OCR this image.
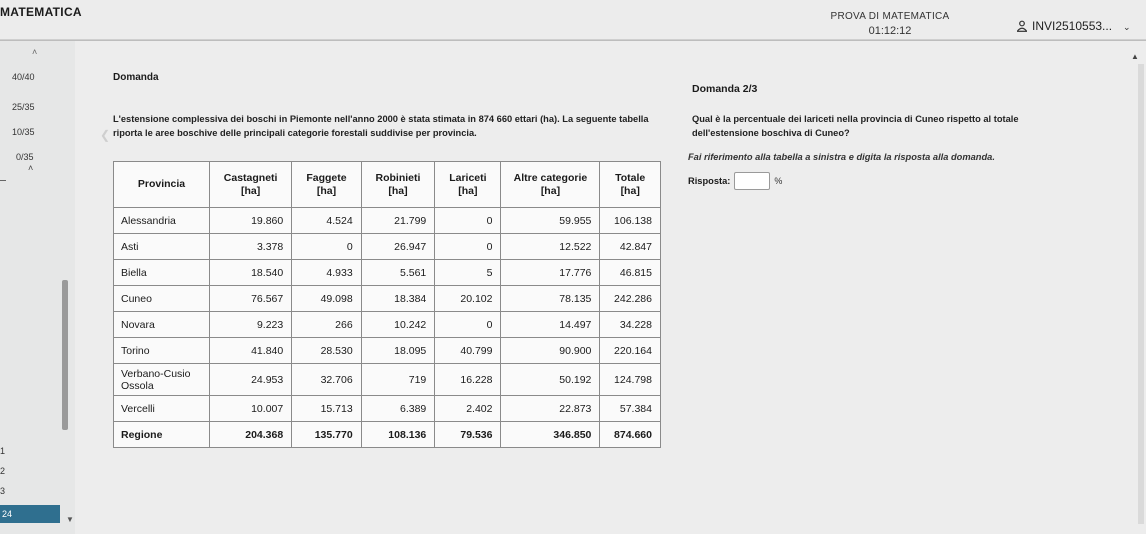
MATEMATICA	PROVA DI MATEMATICA
01:12:12	INVI2510553... ⌄
˄
40/40
25/35
10/35
0/35
˄
1
2
3
24
▼
Domanda
❮
L'estensione complessiva dei boschi in Piemonte nell'anno 2000 è stata stimata in 874 660 ettari (ha). La seguente tabella riporta le aree boschive delle principali categorie forestali suddivise per provincia.
Provincia	Castagneti [ha]	Faggete [ha]	Robinieti [ha]	Lariceti [ha]	Altre categorie [ha]	Totale [ha]
Alessandria	19.860	4.524	21.799	0	59.955	106.138
Asti	3.378	0	26.947	0	12.522	42.847
Biella	18.540	4.933	5.561	5	17.776	46.815
Cuneo	76.567	49.098	18.384	20.102	78.135	242.286
Novara	9.223	266	10.242	0	14.497	34.228
Torino	41.840	28.530	18.095	40.799	90.900	220.164
Verbano-Cusio Ossola	24.953	32.706	719	16.228	50.192	124.798
Vercelli	10.007	15.713	6.389	2.402	22.873	57.384
Regione	204.368	135.770	108.136	79.536	346.850	874.660
Domanda 2/3
Qual è la percentuale dei lariceti nella provincia di Cuneo rispetto al totale dell'estensione boschiva di Cuneo?
Fai riferimento alla tabella a sinistra e digita la risposta alla domanda.
Risposta:	%
▲
